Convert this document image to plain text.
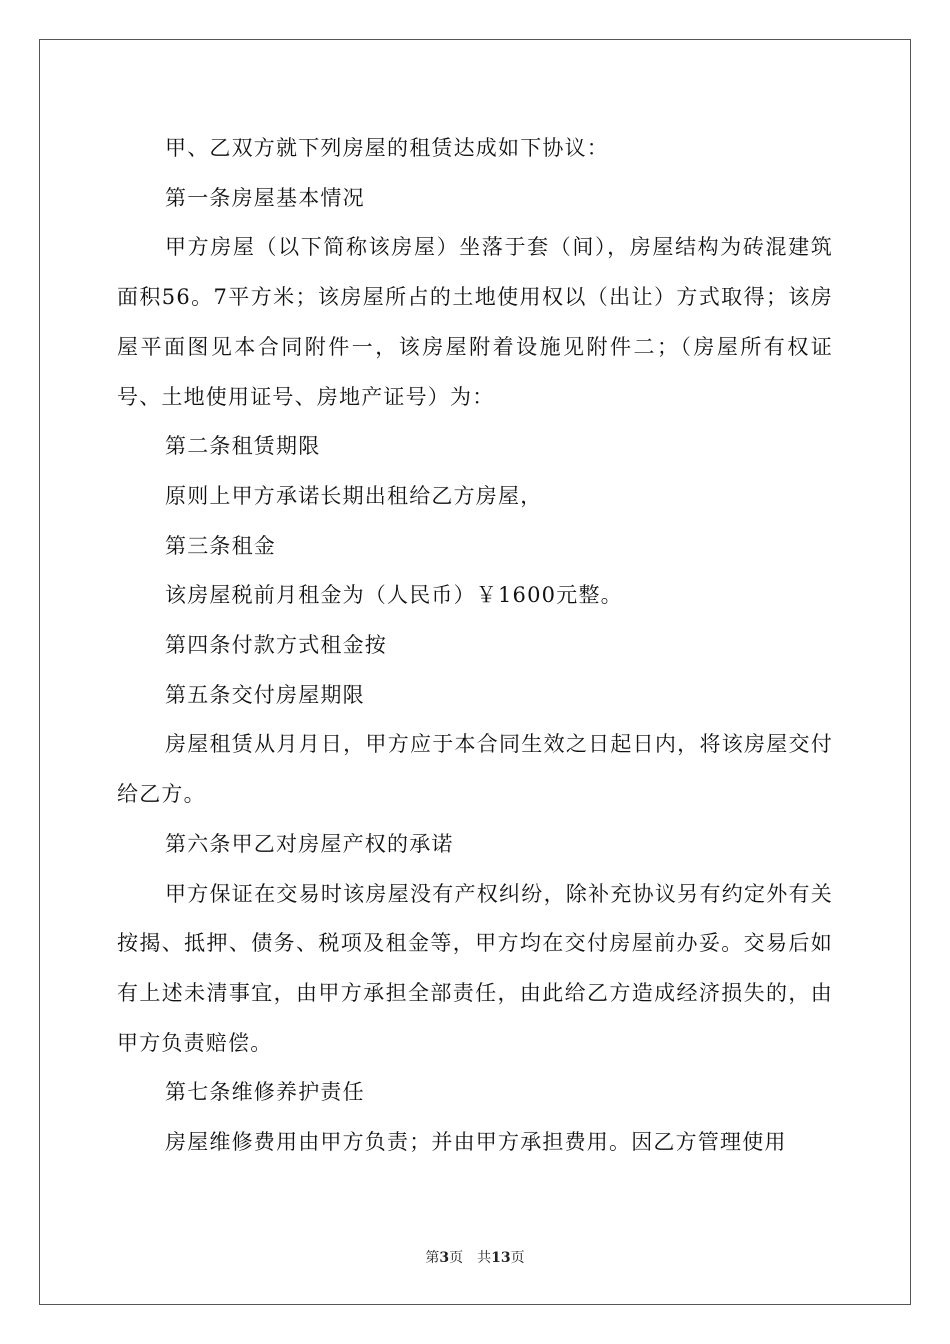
甲、乙双方就下列房屋的租赁达成如下协议：

第一条房屋基本情况

甲方房屋（以下简称该房屋）坐落于套（间），房屋结构为砖混建筑面积56。7平方米；该房屋所占的土地使用权以（出让）方式取得；该房屋平面图见本合同附件一，该房屋附着设施见附件二；（房屋所有权证号、土地使用证号、房地产证号）为：

第二条租赁期限

原则上甲方承诺长期出租给乙方房屋，

第三条租金

该房屋税前月租金为（人民币）￥1600元整。

第四条付款方式租金按

第五条交付房屋期限

房屋租赁从月月日，甲方应于本合同生效之日起日内，将该房屋交付给乙方。

第六条甲乙对房屋产权的承诺

甲方保证在交易时该房屋没有产权纠纷，除补充协议另有约定外有关按揭、抵押、债务、税项及租金等，甲方均在交付房屋前办妥。交易后如有上述未清事宜，由甲方承担全部责任，由此给乙方造成经济损失的，由甲方负责赔偿。

第七条维修养护责任

房屋维修费用由甲方负责；并由甲方承担费用。因乙方管理使用

第3页 共13页
